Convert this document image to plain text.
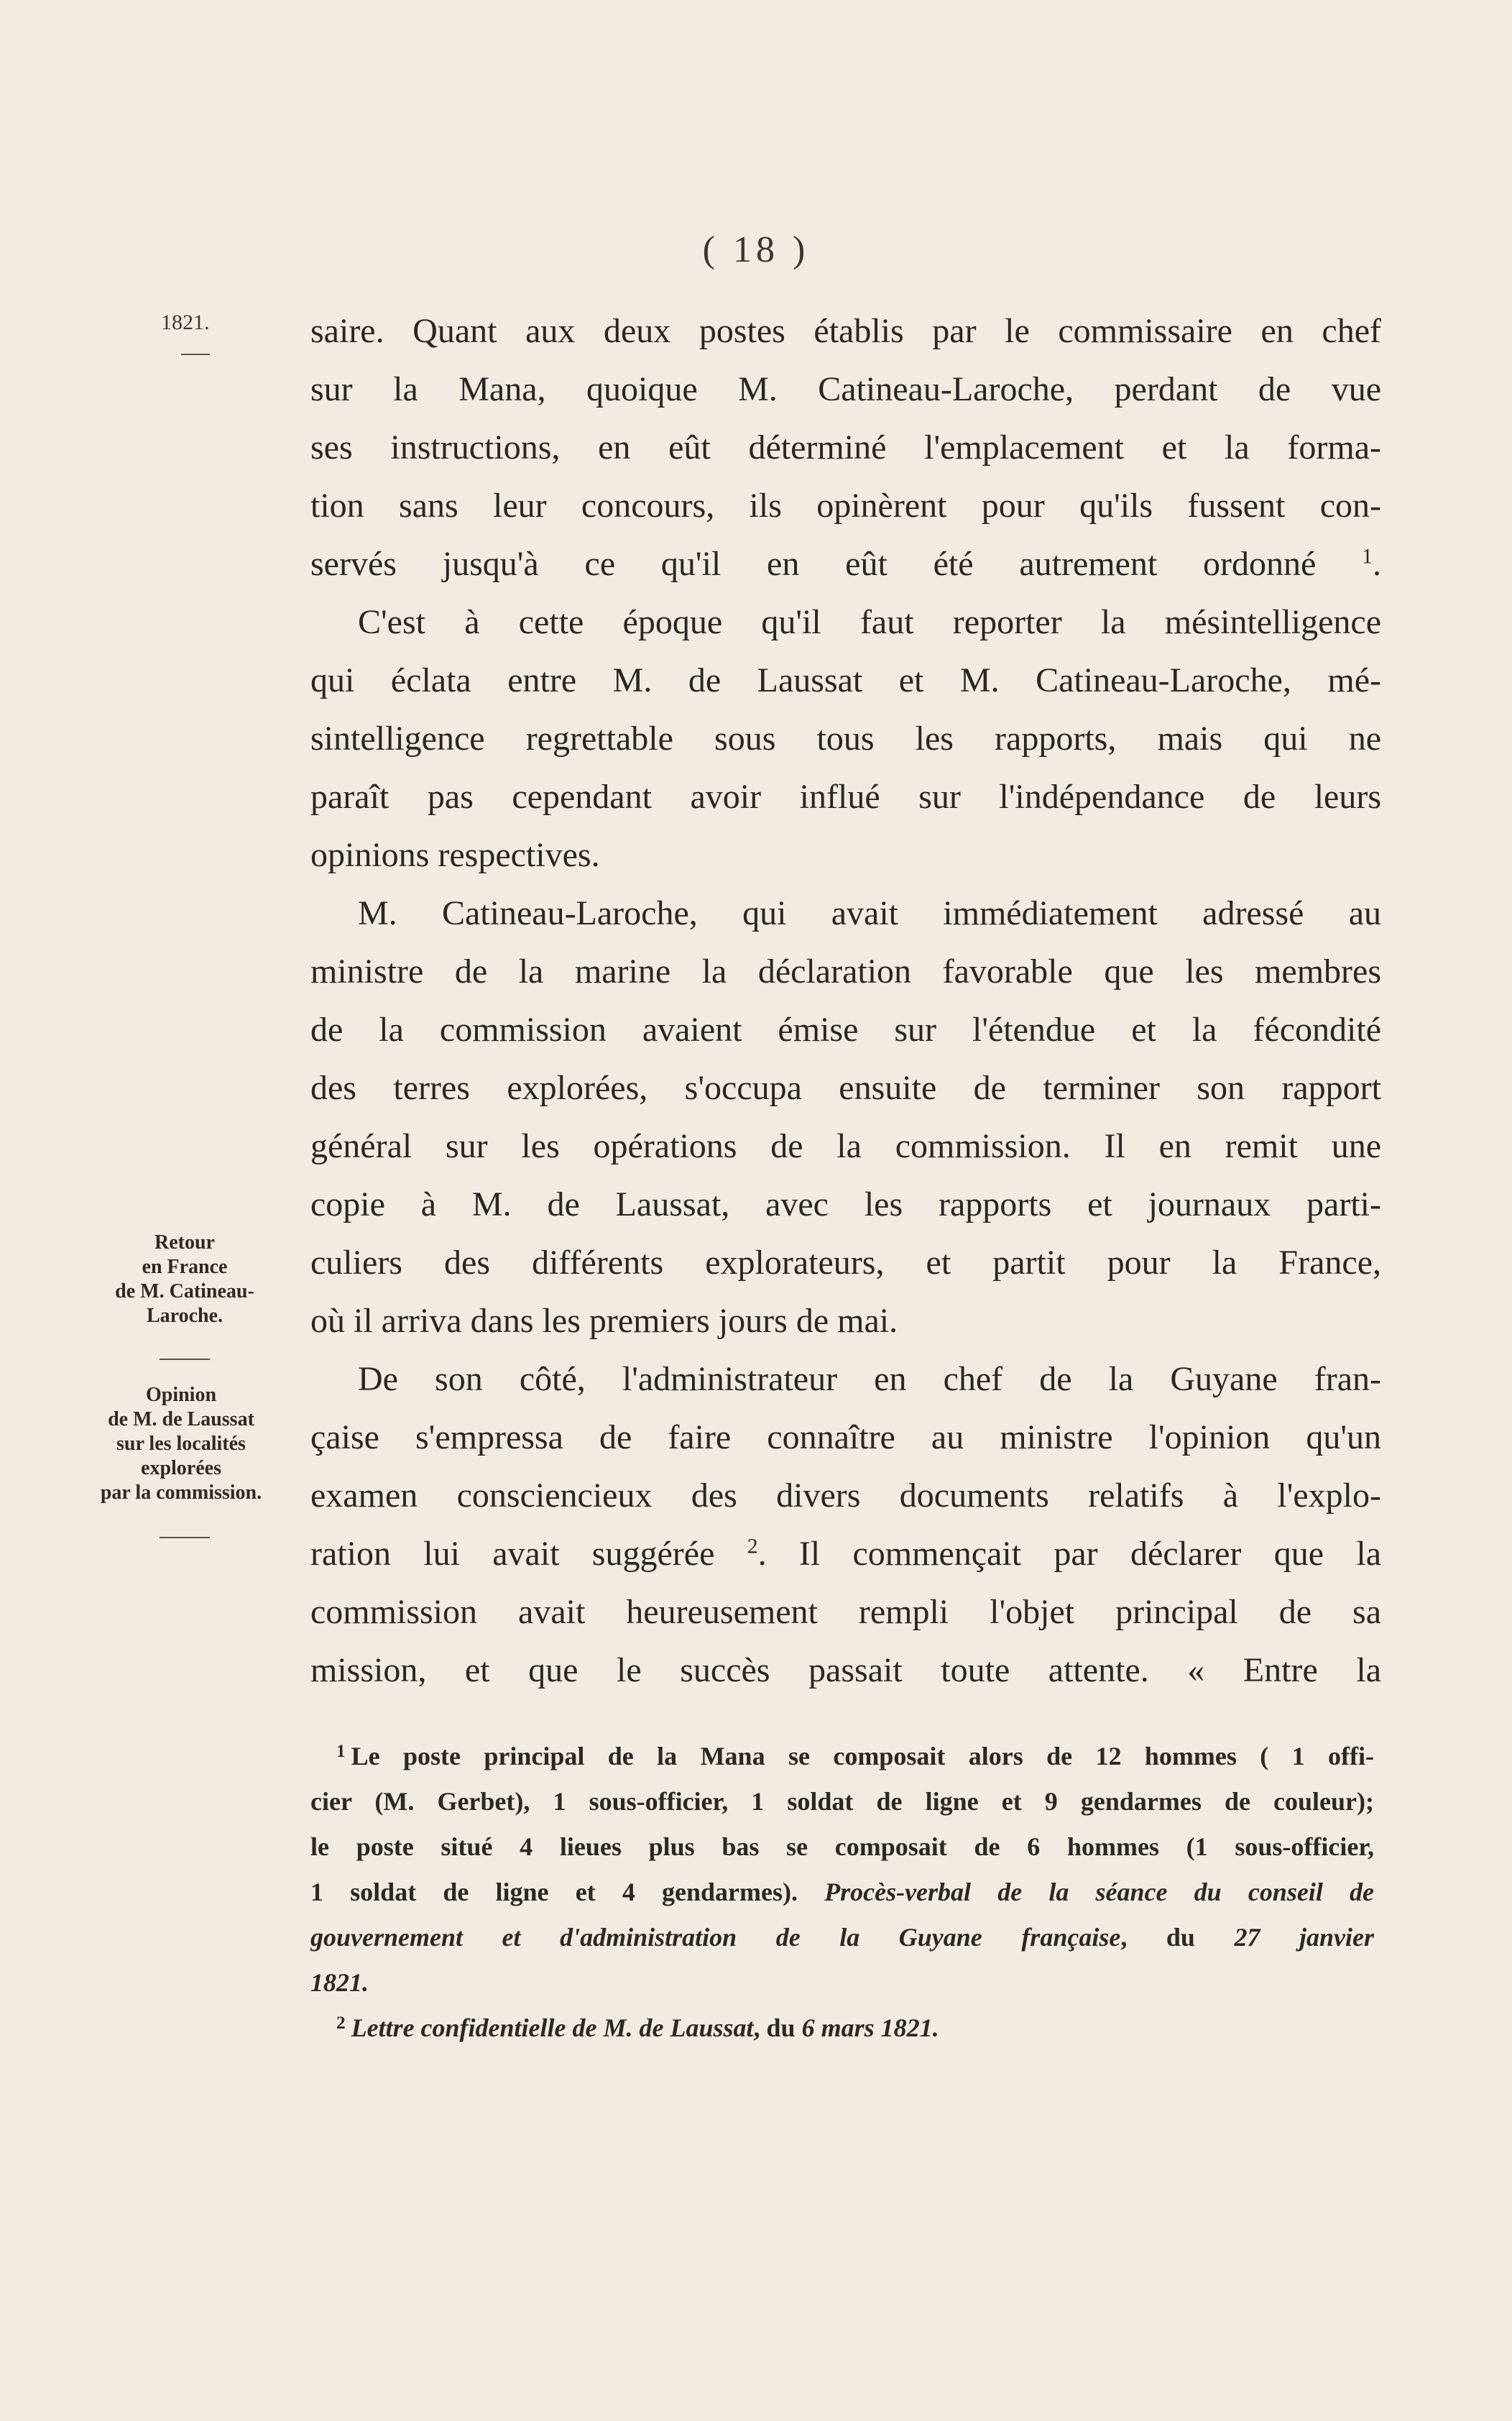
( 18 )
1821.
Retour
en France
de M. Catineau-
Laroche.
Opinion
de M. de Laussat
sur les localités
explorées
par la commission.
saire. Quant aux deux postes établis par le commissaire en chef
sur la Mana, quoique M. Catineau-Laroche, perdant de vue
ses instructions, en eût déterminé l'emplacement et la forma-
tion sans leur concours, ils opinèrent pour qu'ils fussent con-
servés jusqu'à ce qu'il en eût été autrement ordonné $^1$.
C'est à cette époque qu'il faut reporter la mésintelligence
qui éclata entre M. de Laussat et M. Catineau-Laroche, mé-
sintelligence regrettable sous tous les rapports, mais qui ne
paraît pas cependant avoir influé sur l'indépendance de leurs
opinions respectives.
M. Catineau-Laroche, qui avait immédiatement adressé au
ministre de la marine la déclaration favorable que les membres
de la commission avaient émise sur l'étendue et la fécondité
des terres explorées, s'occupa ensuite de terminer son rapport
général sur les opérations de la commission. Il en remit une
copie à M. de Laussat, avec les rapports et journaux parti-
culiers des différents explorateurs, et partit pour la France,
où il arriva dans les premiers jours de mai.
De son côté, l'administrateur en chef de la Guyane fran-
çaise s'empressa de faire connaître au ministre l'opinion qu'un
examen consciencieux des divers documents relatifs à l'explo-
ration lui avait suggérée $^2$. Il commençait par déclarer que la
commission avait heureusement rempli l'objet principal de sa
mission, et que le succès passait toute attente. « Entre la
$^1$ Le poste principal de la Mana se composait alors de 12 hommes ( 1 offi-
cier (M. Gerbet), 1 sous-officier, 1 soldat de ligne et 9 gendarmes de couleur);
le poste situé 4 lieues plus bas se composait de 6 hommes (1 sous-officier,
1 soldat de ligne et 4 gendarmes). Procès-verbal de la séance du conseil de
gouvernement et d'administration de la Guyane française, du 27 janvier
1821.
$^2$ Lettre confidentielle de M. de Laussat, du 6 mars 1821.
